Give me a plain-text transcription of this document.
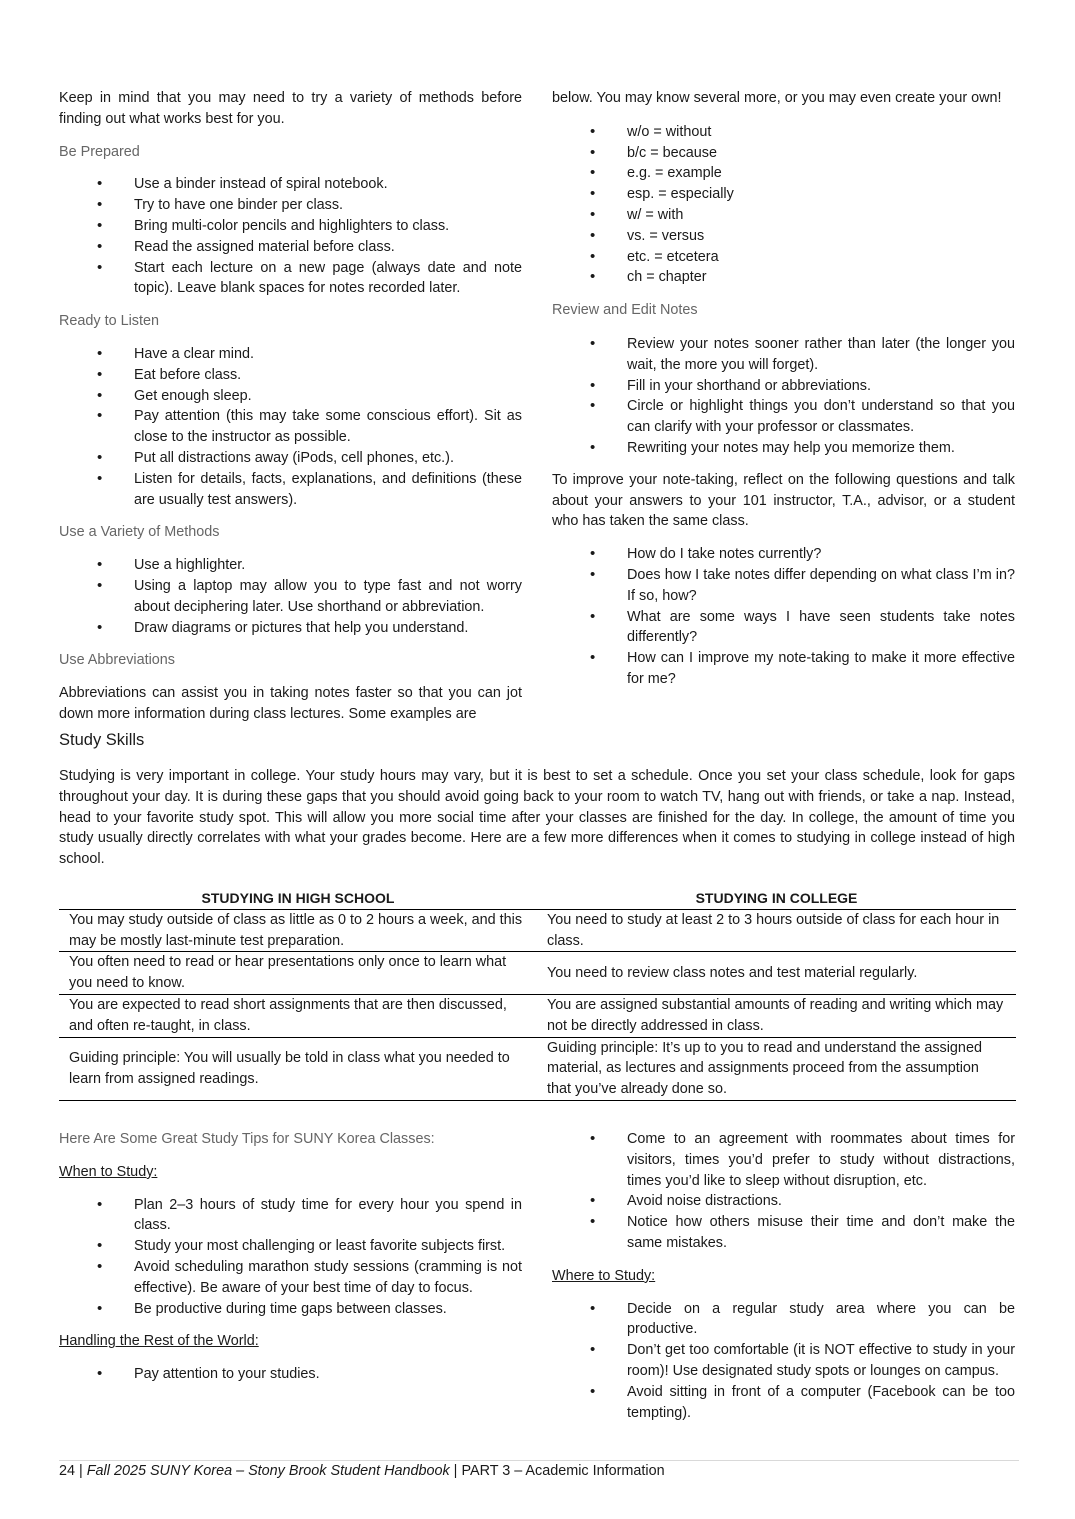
Keep in mind that you may need to try a variety of methods before finding out what works best for you.

Be Prepared

• Use a binder instead of spiral notebook.
• Try to have one binder per class.
• Bring multi-color pencils and highlighters to class.
• Read the assigned material before class.
• Start each lecture on a new page (always date and note topic). Leave blank spaces for notes recorded later.

Ready to Listen

• Have a clear mind.
• Eat before class.
• Get enough sleep.
• Pay attention (this may take some conscious effort). Sit as close to the instructor as possible.
• Put all distractions away (iPods, cell phones, etc.).
• Listen for details, facts, explanations, and definitions (these are usually test answers).

Use a Variety of Methods

• Use a highlighter.
• Using a laptop may allow you to type fast and not worry about deciphering later. Use shorthand or abbreviation.
• Draw diagrams or pictures that help you understand.

Use Abbreviations

Abbreviations can assist you in taking notes faster so that you can jot down more information during class lectures. Some examples are

below. You may know several more, or you may even create your own!

• w/o = without
• b/c = because
• e.g. = example
• esp. = especially
• w/ = with
• vs. = versus
• etc. = etcetera
• ch = chapter

Review and Edit Notes

• Review your notes sooner rather than later (the longer you wait, the more you will forget).
• Fill in your shorthand or abbreviations.
• Circle or highlight things you don’t understand so that you can clarify with your professor or classmates.
• Rewriting your notes may help you memorize them.

To improve your note-taking, reflect on the following questions and talk about your answers to your 101 instructor, T.A., advisor, or a student who has taken the same class.

• How do I take notes currently?
• Does how I take notes differ depending on what class I’m in? If so, how?
• What are some ways I have seen students take notes differently?
• How can I improve my note-taking to make it more effective for me?
Study Skills

Studying is very important in college. Your study hours may vary, but it is best to set a schedule. Once you set your class schedule, look for gaps throughout your day. It is during these gaps that you should avoid going back to your room to watch TV, hang out with friends, or take a nap. Instead, head to your favorite study spot. This will allow you more social time after your classes are finished for the day. In college, the amount of time you study usually directly correlates with what your grades become. Here are a few more differences when it comes to studying in college instead of high school.

STUDYING IN HIGH SCHOOL	STUDYING IN COLLEGE
You may study outside of class as little as 0 to 2 hours a week, and this may be mostly last-minute test preparation.	You need to study at least 2 to 3 hours outside of class for each hour in class.
You often need to read or hear presentations only once to learn what you need to know.	You need to review class notes and test material regularly.
You are expected to read short assignments that are then discussed, and often re-taught, in class.	You are assigned substantial amounts of reading and writing which may not be directly addressed in class.
Guiding principle: You will usually be told in class what you needed to learn from assigned readings.	Guiding principle: It’s up to you to read and understand the assigned material, as lectures and assignments proceed from the assumption that you’ve already done so.

Here Are Some Great Study Tips for SUNY Korea Classes:

When to Study:

• Plan 2–3 hours of study time for every hour you spend in class.
• Study your most challenging or least favorite subjects first.
• Avoid scheduling marathon study sessions (cramming is not effective). Be aware of your best time of day to focus.
• Be productive during time gaps between classes.

Handling the Rest of the World:

• Pay attention to your studies.
• Come to an agreement with roommates about times for visitors, times you’d prefer to study without distractions, times you’d like to sleep without disruption, etc.
• Avoid noise distractions.
• Notice how others misuse their time and don’t make the same mistakes.

Where to Study:

• Decide on a regular study area where you can be productive.
• Don’t get too comfortable (it is NOT effective to study in your room)! Use designated study spots or lounges on campus.
• Avoid sitting in front of a computer (Facebook can be too tempting).
24 | Fall 2025 SUNY Korea – Stony Brook Student Handbook | PART 3 – Academic Information
